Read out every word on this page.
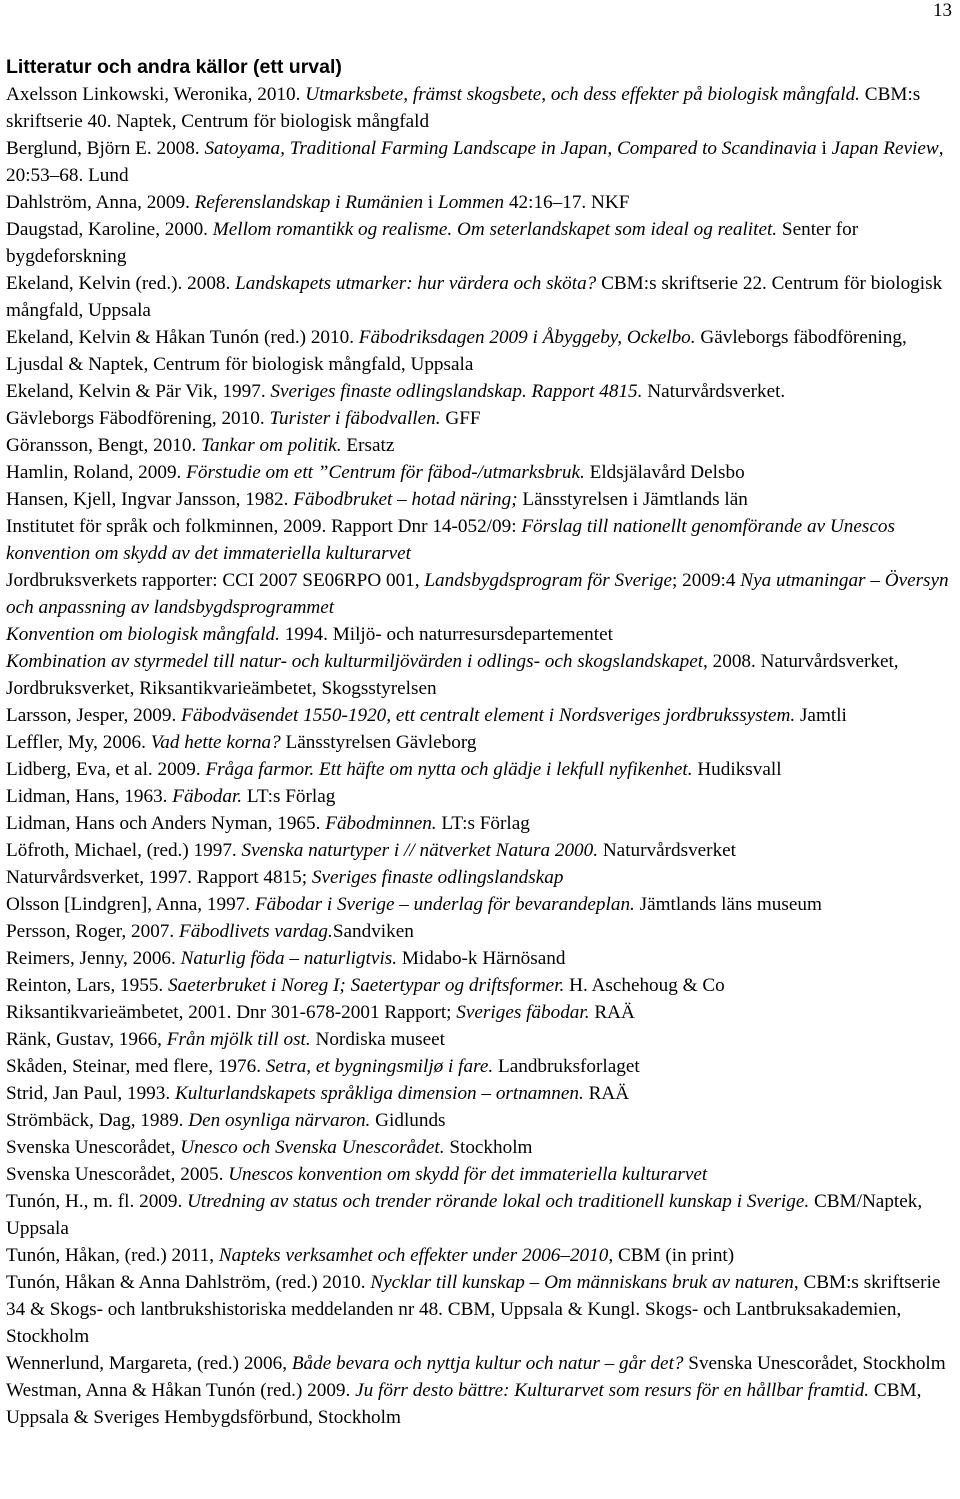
13
Litteratur och andra källor (ett urval)
Axelsson Linkowski, Weronika, 2010. Utmarksbete, främst skogsbete, och dess effekter på biologisk mångfald. CBM:s skriftserie 40. Naptek, Centrum för biologisk mångfald
Berglund, Björn E. 2008. Satoyama, Traditional Farming Landscape in Japan, Compared to Scandinavia i Japan Review, 20:53–68. Lund
Dahlström, Anna, 2009. Referenslandskap i Rumänien i Lommen 42:16–17. NKF
Daugstad, Karoline, 2000. Mellom romantikk og realisme. Om seterlandskapet som ideal og realitet. Senter for bygdeforskning
Ekeland, Kelvin (red.). 2008. Landskapets utmarker: hur värdera och sköta? CBM:s skriftserie 22. Centrum för biologisk mångfald, Uppsala
Ekeland, Kelvin & Håkan Tunón (red.) 2010. Fäbodriksdagen 2009 i Åbyggeby, Ockelbo. Gävleborgs fäbodförening, Ljusdal & Naptek, Centrum för biologisk mångfald, Uppsala
Ekeland, Kelvin & Pär Vik, 1997. Sveriges finaste odlingslandskap. Rapport 4815. Naturvårdsverket.
Gävleborgs Fäbodförening, 2010. Turister i fäbodvallen. GFF
Göransson, Bengt, 2010. Tankar om politik. Ersatz
Hamlin, Roland, 2009. Förstudie om ett ”Centrum för fäbod-/utmarksbruk. Eldsjälavård Delsbo
Hansen, Kjell, Ingvar Jansson, 1982. Fäbodbruket – hotad näring; Länsstyrelsen i Jämtlands län
Institutet för språk och folkminnen, 2009. Rapport Dnr 14-052/09: Förslag till nationellt genomförande av Unescos konvention om skydd av det immateriella kulturarvet
Jordbruksverkets rapporter: CCI 2007 SE06RPO 001, Landsbygdsprogram för Sverige; 2009:4 Nya utmaningar – Översyn och anpassning av landsbygdsprogrammet
Konvention om biologisk mångfald. 1994. Miljö- och naturresursdepartementet
Kombination av styrmedel till natur- och kulturmiljövärden i odlings- och skogslandskapet, 2008. Naturvårdsverket, Jordbruksverket, Riksantikvarieämbetet, Skogsstyrelsen
Larsson, Jesper, 2009. Fäbodväsendet 1550-1920, ett centralt element i Nordsveriges jordbrukssystem. Jamtli
Leffler, My, 2006. Vad hette korna? Länsstyrelsen Gävleborg
Lidberg, Eva, et al. 2009. Fråga farmor. Ett häfte om nytta och glädje i lekfull nyfikenhet. Hudiksvall
Lidman, Hans, 1963. Fäbodar. LT:s Förlag
Lidman, Hans och Anders Nyman, 1965. Fäbodminnen. LT:s Förlag
Löfroth, Michael, (red.) 1997. Svenska naturtyper i // nätverket Natura 2000. Naturvårdsverket
Naturvårdsverket, 1997. Rapport 4815; Sveriges finaste odlingslandskap
Olsson [Lindgren], Anna, 1997. Fäbodar i Sverige – underlag för bevarandeplan. Jämtlands läns museum
Persson, Roger, 2007. Fäbodlivets vardag.Sandviken
Reimers, Jenny, 2006. Naturlig föda – naturligtvis. Midabo-k Härnösand
Reinton, Lars, 1955. Saeterbruket i Noreg I; Saetertypar og driftsformer. H. Aschehoug & Co
Riksantikvarieämbetet, 2001. Dnr 301-678-2001 Rapport; Sveriges fäbodar. RAÄ
Ränk, Gustav, 1966, Från mjölk till ost. Nordiska museet
Skåden, Steinar, med flere, 1976. Setra, et bygningsmiljø i fare. Landbruksforlaget
Strid, Jan Paul, 1993. Kulturlandskapets språkliga dimension – ortnamnen. RAÄ
Strömbäck, Dag, 1989. Den osynliga närvaron. Gidlunds
Svenska Unescorådet, Unesco och Svenska Unescorådet. Stockholm
Svenska Unescorådet, 2005. Unescos konvention om skydd för det immateriella kulturarvet
Tunón, H., m. fl. 2009. Utredning av status och trender rörande lokal och traditionell kunskap i Sverige. CBM/Naptek, Uppsala
Tunón, Håkan, (red.) 2011, Napteks verksamhet och effekter under 2006–2010, CBM (in print)
Tunón, Håkan & Anna Dahlström, (red.) 2010. Nycklar till kunskap – Om människans bruk av naturen, CBM:s skriftserie 34 & Skogs- och lantbrukshistoriska meddelanden nr 48. CBM, Uppsala & Kungl. Skogs- och Lantbruksakademien, Stockholm
Wennerlund, Margareta, (red.) 2006, Både bevara och nyttja kultur och natur – går det? Svenska Unescorådet, Stockholm
Westman, Anna & Håkan Tunón (red.) 2009. Ju förr desto bättre: Kulturarvet som resurs för en hållbar framtid. CBM, Uppsala & Sveriges Hembygdsförbund, Stockholm
